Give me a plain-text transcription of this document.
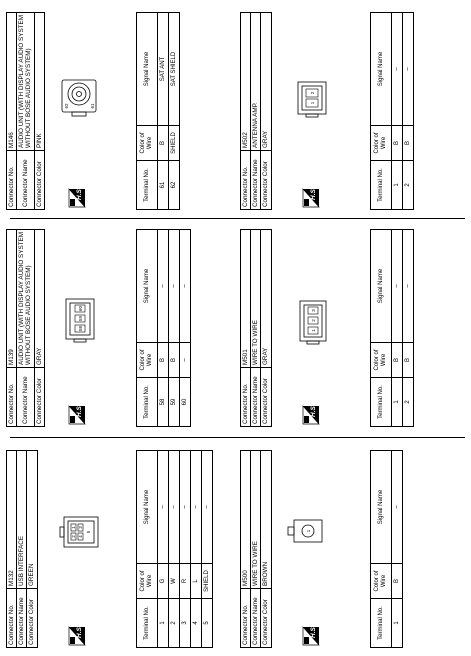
Connector No.	M132
Connector Name	USB INTERFACE
Connector Color	GREEN
H.S.
2
1
4
3
5
Terminal No.	Color of Wire	Signal Name
1	G	–
2	W	–
3	R	–
4	L	–
5	SHIELD	–
Connector No.	M139
Connector Name	AUDIO UNIT (WITH DISPLAY AUDIO SYSTEM WITHOUT BOSE AUDIO SYSTEM)
Connector Color	GRAY
H.S.
58
59
60
Terminal No.	Color of Wire	Signal Name
58	B	–
59	B	–
60	–	–
Connector No.	M146
Connector Name	AUDIO UNIT (WITH DISPLAY AUDIO SYSTEM WITHOUT BOSE AUDIO SYSTEM)
Connector Color	PINK
H.S.
62	61
Terminal No.	Color of Wire	Signal Name
61	B	SAT ANT
62	SHIELD	SAT SHIELD
Connector No.	M500
Connector Name	WIRE TO WIRE
Connector Color	BROWN
H.S.
1
Terminal No.	Color of Wire	Signal Name
1	B	–
Connector No.	M501
Connector Name	WIRE TO WIRE
Connector Color	GRAY
H.S.
1
2
3
Terminal No.	Color of Wire	Signal Name
1	B	–
2	B	–
Connector No.	M502
Connector Name	ANTENNA AMP.
Connector Color	GRAY
H.S.
1
2
Terminal No.	Color of Wire	Signal Name
1	B	–
2	B	–
